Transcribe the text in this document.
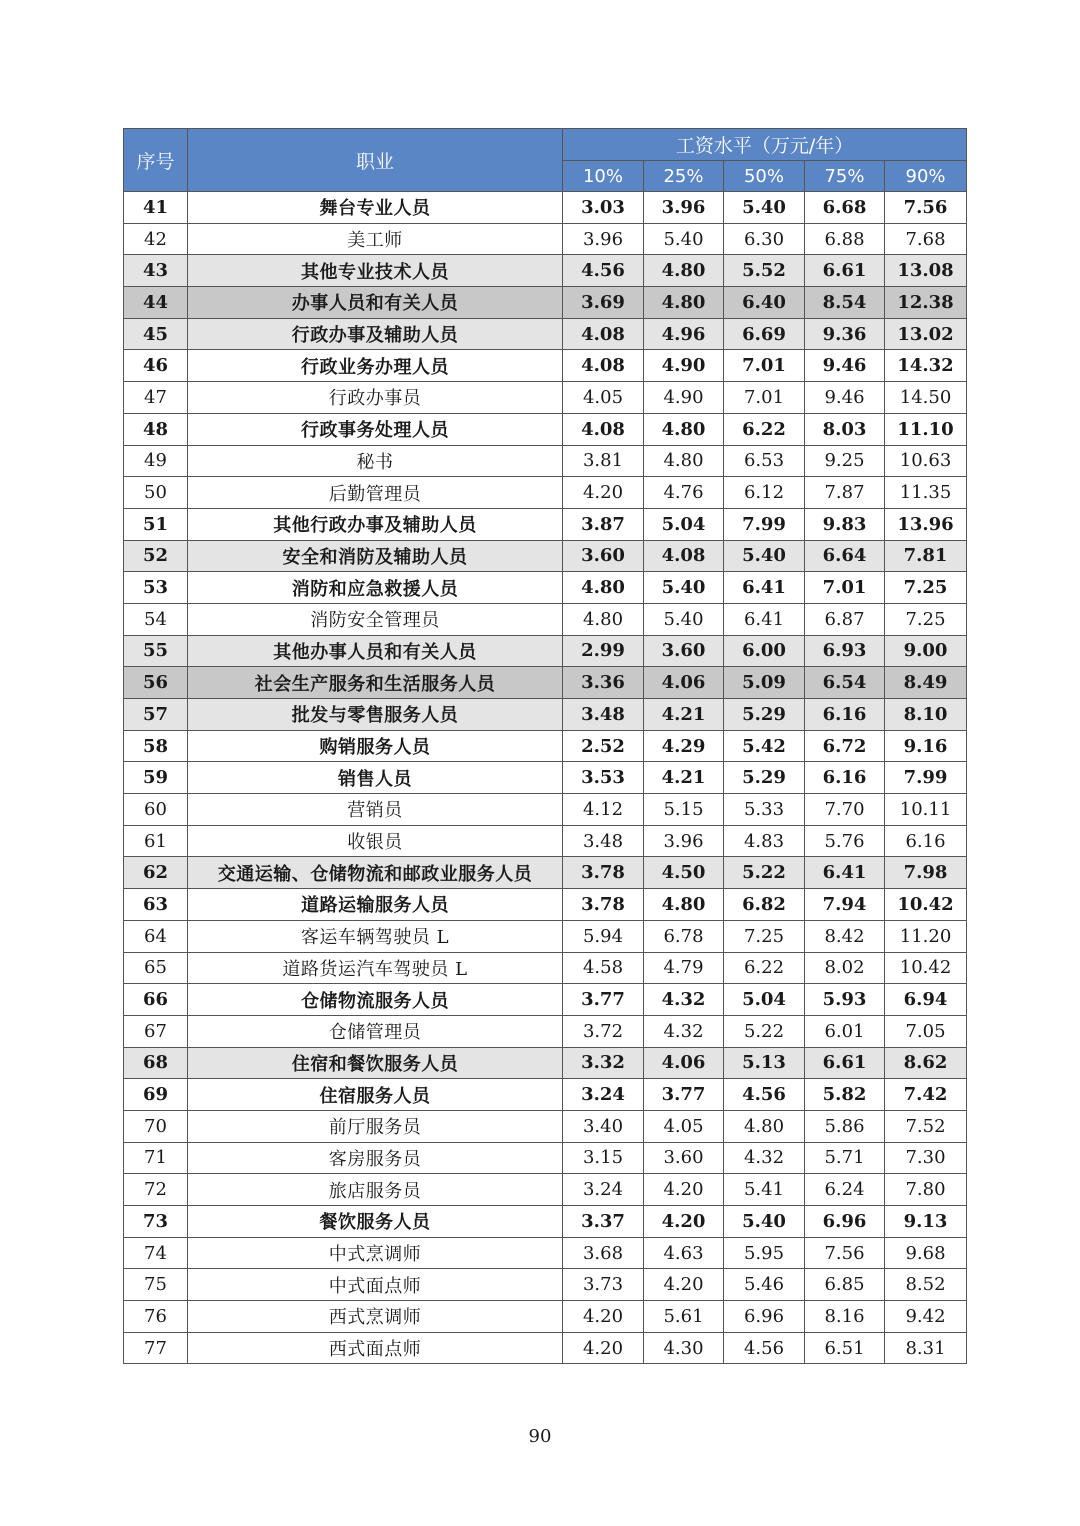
序号	职业	工资水平（万元/年）				
		10%	25%	50%	75%	90%
41	舞台专业人员	3.03	3.96	5.40	6.68	7.56
42	美工师	3.96	5.40	6.30	6.88	7.68
43	其他专业技术人员	4.56	4.80	5.52	6.61	13.08
44	办事人员和有关人员	3.69	4.80	6.40	8.54	12.38
45	行政办事及辅助人员	4.08	4.96	6.69	9.36	13.02
46	行政业务办理人员	4.08	4.90	7.01	9.46	14.32
47	行政办事员	4.05	4.90	7.01	9.46	14.50
48	行政事务处理人员	4.08	4.80	6.22	8.03	11.10
49	秘书	3.81	4.80	6.53	9.25	10.63
50	后勤管理员	4.20	4.76	6.12	7.87	11.35
51	其他行政办事及辅助人员	3.87	5.04	7.99	9.83	13.96
52	安全和消防及辅助人员	3.60	4.08	5.40	6.64	7.81
53	消防和应急救援人员	4.80	5.40	6.41	7.01	7.25
54	消防安全管理员	4.80	5.40	6.41	6.87	7.25
55	其他办事人员和有关人员	2.99	3.60	6.00	6.93	9.00
56	社会生产服务和生活服务人员	3.36	4.06	5.09	6.54	8.49
57	批发与零售服务人员	3.48	4.21	5.29	6.16	8.10
58	购销服务人员	2.52	4.29	5.42	6.72	9.16
59	销售人员	3.53	4.21	5.29	6.16	7.99
60	营销员	4.12	5.15	5.33	7.70	10.11
61	收银员	3.48	3.96	4.83	5.76	6.16
62	交通运输、仓储物流和邮政业服务人员	3.78	4.50	5.22	6.41	7.98
63	道路运输服务人员	3.78	4.80	6.82	7.94	10.42
64	客运车辆驾驶员 L	5.94	6.78	7.25	8.42	11.20
65	道路货运汽车驾驶员 L	4.58	4.79	6.22	8.02	10.42
66	仓储物流服务人员	3.77	4.32	5.04	5.93	6.94
67	仓储管理员	3.72	4.32	5.22	6.01	7.05
68	住宿和餐饮服务人员	3.32	4.06	5.13	6.61	8.62
69	住宿服务人员	3.24	3.77	4.56	5.82	7.42
70	前厅服务员	3.40	4.05	4.80	5.86	7.52
71	客房服务员	3.15	3.60	4.32	5.71	7.30
72	旅店服务员	3.24	4.20	5.41	6.24	7.80
73	餐饮服务人员	3.37	4.20	5.40	6.96	9.13
74	中式烹调师	3.68	4.63	5.95	7.56	9.68
75	中式面点师	3.73	4.20	5.46	6.85	8.52
76	西式烹调师	4.20	5.61	6.96	8.16	9.42
77	西式面点师	4.20	4.30	4.56	6.51	8.31
90
